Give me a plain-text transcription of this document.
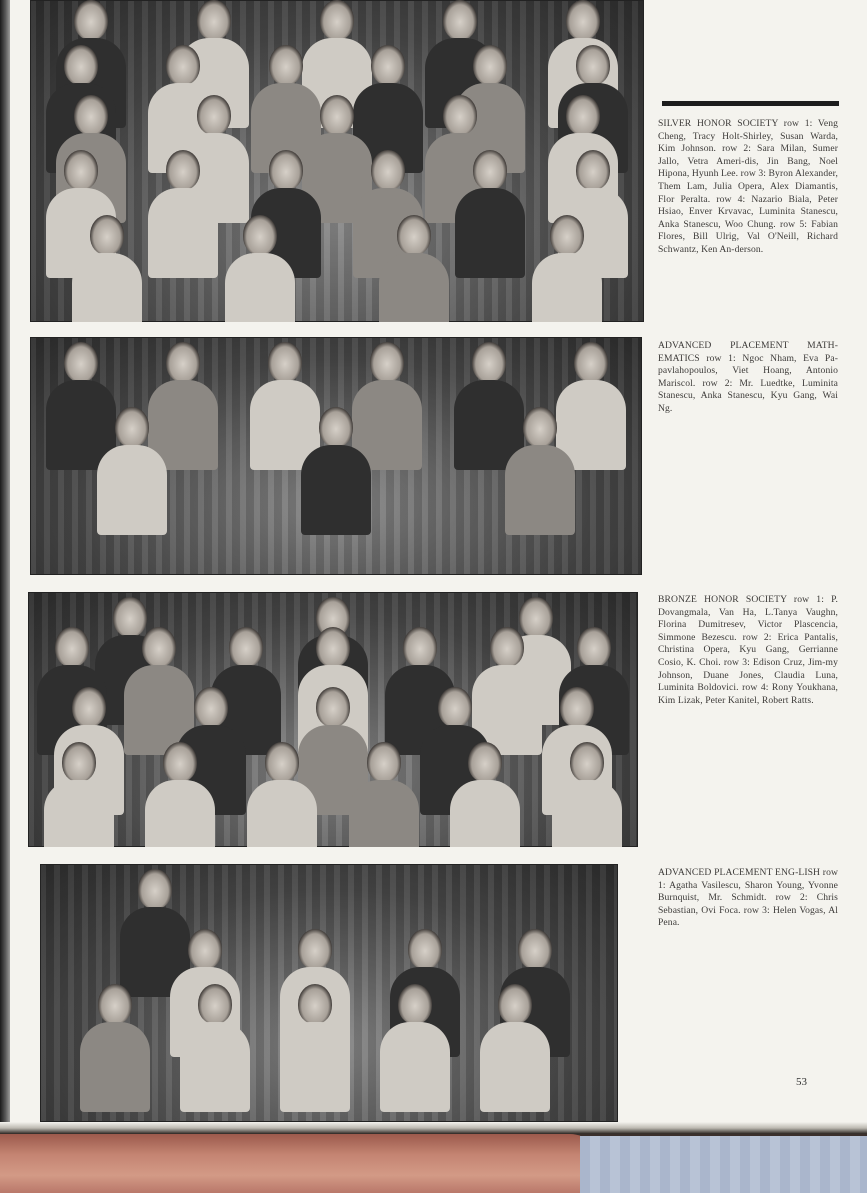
SILVER HONOR SOCIETY row 1: Veng Cheng, Tracy Holt-Shirley, Susan Warda, Kim Johnson. row 2: Sara Milan, Sumer Jallo, Vetra Ameri-dis, Jin Bang, Noel Hipona, Hyunh Lee. row 3: Byron Alexander, Them Lam, Julia Opera, Alex Diamantis, Flor Peralta. row 4: Nazario Biala, Peter Hsiao, Enver Krvavac, Luminita Stanescu, Anka Stanescu, Woo Chung. row 5: Fabian Flores, Bill Ulrig, Val O'Neill, Richard Schwantz, Ken An-derson.
ADVANCED PLACEMENT MATH-EMATICS row 1: Ngoc Nham, Eva Pa-pavlahopoulos, Viet Hoang, Antonio Mariscol. row 2: Mr. Luedtke, Luminita Stanescu, Anka Stanescu, Kyu Gang, Wai Ng.
BRONZE HONOR SOCIETY row 1: P. Dovangmala, Van Ha, L.Tanya Vaughn, Florina Dumitresev, Victor Plascencia, Simmone Bezescu. row 2: Erica Pantalis, Christina Opera, Kyu Gang, Gerrianne Cosio, K. Choi. row 3: Edison Cruz, Jim-my Johnson, Duane Jones, Claudia Luna, Luminita Boldovici. row 4: Rony Youkhana, Kim Lizak, Peter Kanitel, Robert Ratts.
ADVANCED PLACEMENT ENG-LISH row 1: Agatha Vasilescu, Sharon Young, Yvonne Burnquist, Mr. Schmidt. row 2: Chris Sebastian, Ovi Foca. row 3: Helen Vogas, Al Pena.
53
